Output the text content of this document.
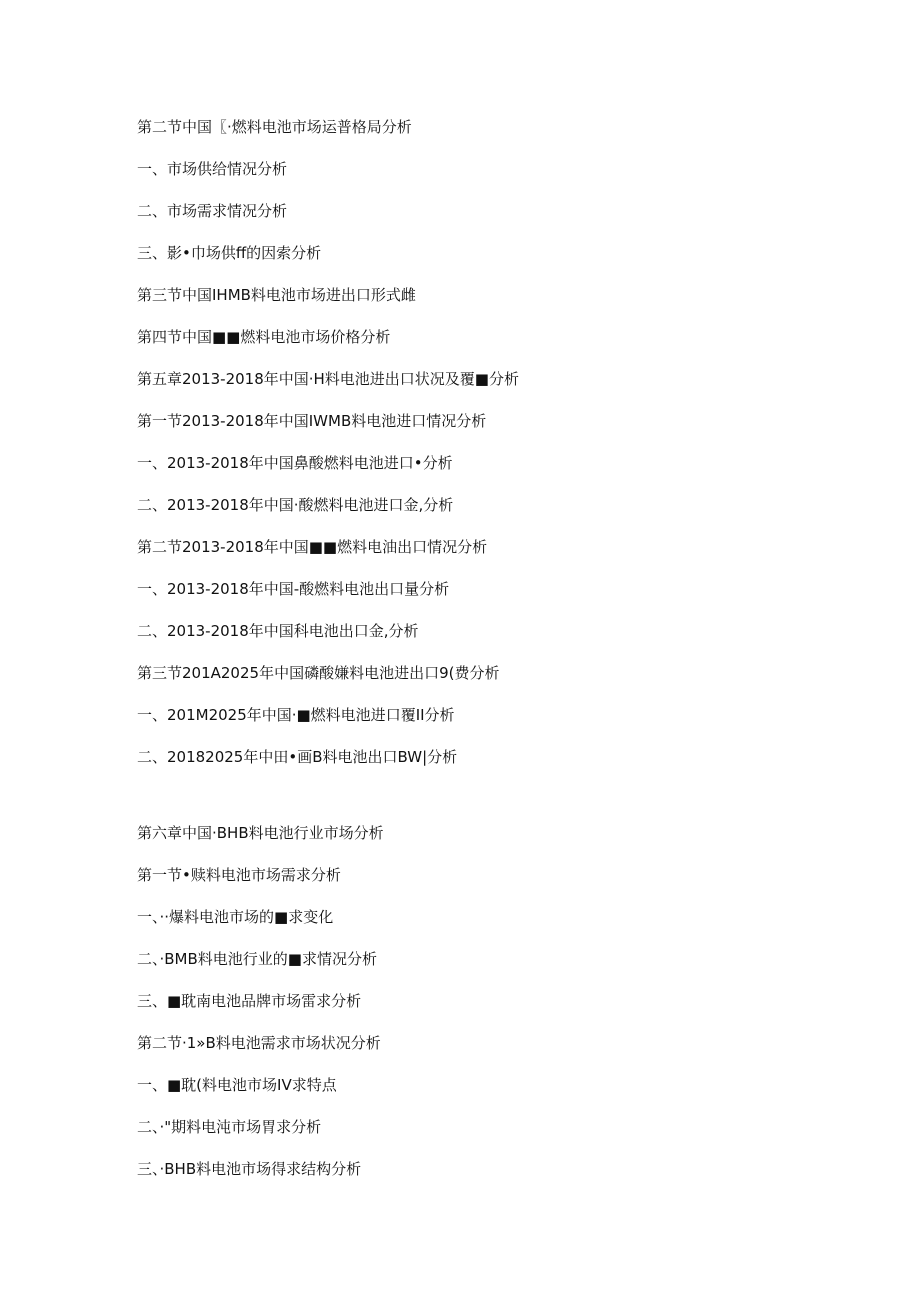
第二节中国〖·燃料电池市场运普格局分析
一、市场供给情况分析
二、市场需求情况分析
三、影•巾场供ff的因索分析
第三节中国IHMB料电池市场进出口形式雌
第四节中国■■燃料电池市场价格分析
第五章2013-2018年中国·H料电池进出口状况及覆■分析
第一节2013-2018年中国IWMB料电池进口情况分析
一、2013-2018年中国鼻酸燃料电池进口•分析
二、2013-2018年中国·酸燃料电池进口金,分析
第二节2013-2018年中国■■燃料电油出口情况分析
一、2013-2018年中国-酸燃料电池出口量分析
二、2013-2018年中国科电池出口金,分析
第三节201A2025年中国磷酸嫌料电池进出口9(费分析
一、201M2025年中国·■燃料电池进口覆II分析
二、20182025年中田•画B料电池出口BW|分析
第六章中国·BHB料电池行业市场分析
第一节•赎料电池市场需求分析
一、··爆料电池市场的■求变化
二、·BMB料电池行业的■求情况分析
三、■耽南电池品牌市场雷求分析
第二节·1»B料电池需求市场状况分析
一、■耽(料电池市场IV求特点
二、·"期料电沌市场胃求分析
三、·BHB料电池市场得求结构分析
